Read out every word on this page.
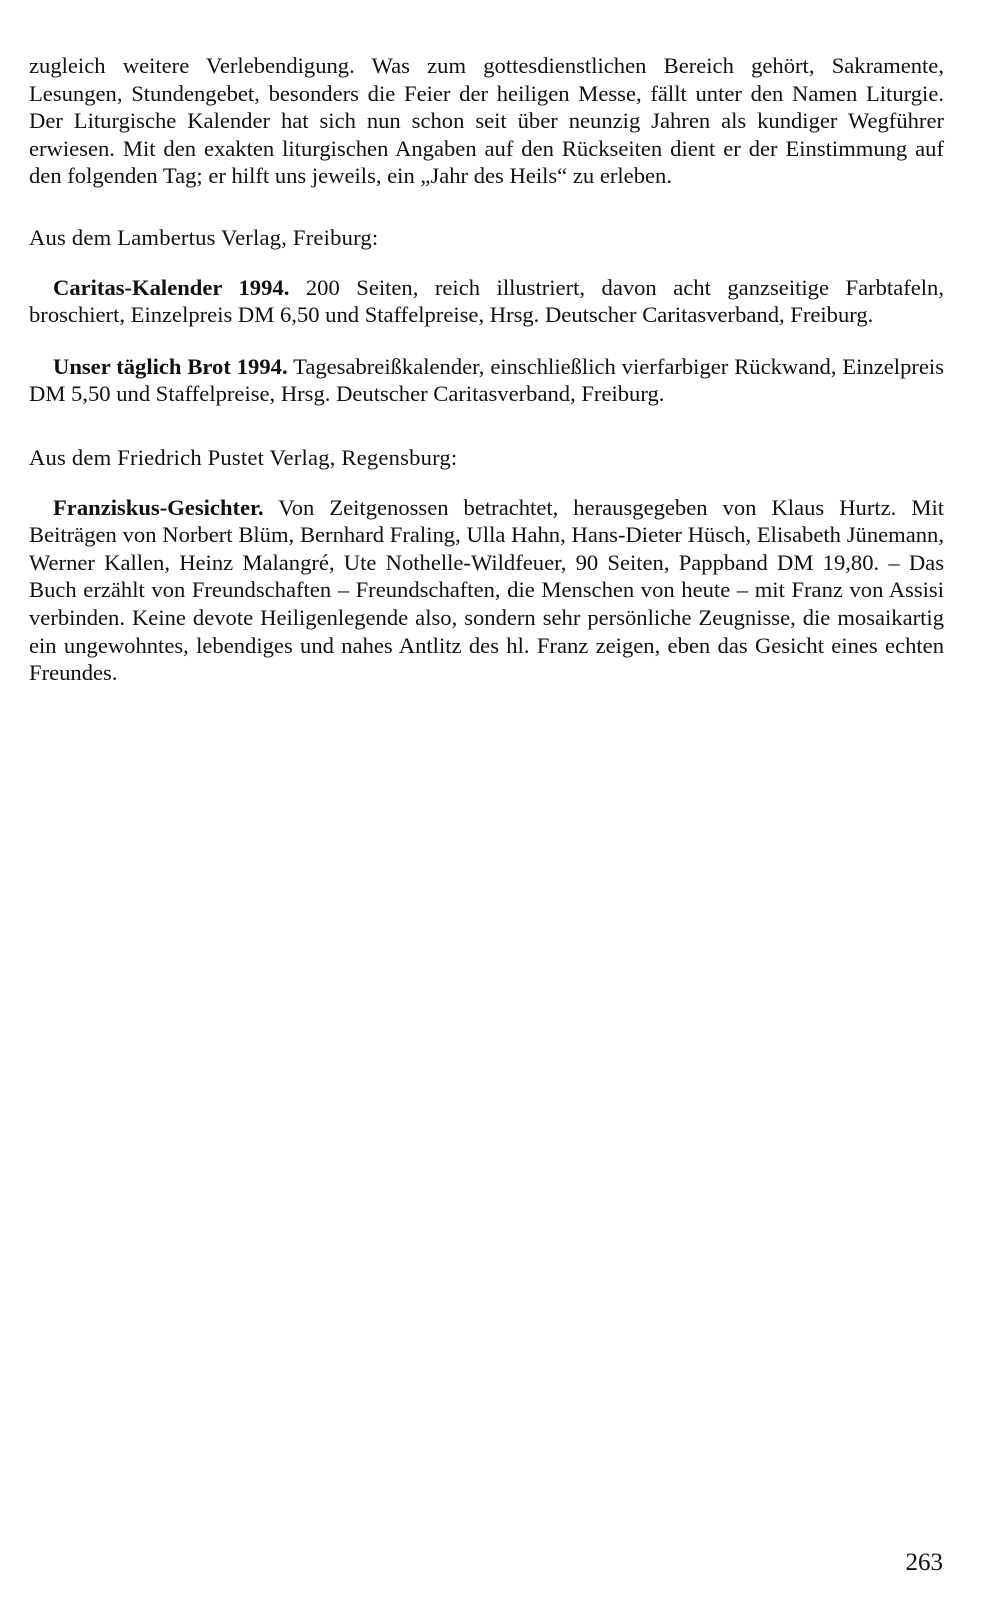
zugleich weitere Verlebendigung. Was zum gottesdienstlichen Bereich gehört, Sakramente, Lesungen, Stundengebet, besonders die Feier der heiligen Messe, fällt unter den Namen Liturgie. Der Liturgische Kalender hat sich nun schon seit über neunzig Jahren als kundiger Wegführer erwiesen. Mit den exakten liturgischen Angaben auf den Rückseiten dient er der Einstimmung auf den folgenden Tag; er hilft uns jeweils, ein „Jahr des Heils“ zu erleben.

Aus dem Lambertus Verlag, Freiburg:

Caritas-Kalender 1994. 200 Seiten, reich illustriert, davon acht ganzseitige Farbtafeln, broschiert, Einzelpreis DM 6,50 und Staffelpreise, Hrsg. Deutscher Caritasverband, Freiburg.

Unser täglich Brot 1994. Tagesabreißkalender, einschließlich vierfarbiger Rückwand, Einzelpreis DM 5,50 und Staffelpreise, Hrsg. Deutscher Caritasverband, Freiburg.

Aus dem Friedrich Pustet Verlag, Regensburg:

Franziskus-Gesichter. Von Zeitgenossen betrachtet, herausgegeben von Klaus Hurtz. Mit Beiträgen von Norbert Blüm, Bernhard Fraling, Ulla Hahn, Hans-Dieter Hüsch, Elisabeth Jünemann, Werner Kallen, Heinz Malangré, Ute Nothelle-Wildfeuer, 90 Seiten, Pappband DM 19,80. – Das Buch erzählt von Freundschaften – Freundschaften, die Menschen von heute – mit Franz von Assisi verbinden. Keine devote Heiligenlegende also, sondern sehr persönliche Zeugnisse, die mosaikartig ein ungewohntes, lebendiges und nahes Antlitz des hl. Franz zeigen, eben das Gesicht eines echten Freundes.

263
